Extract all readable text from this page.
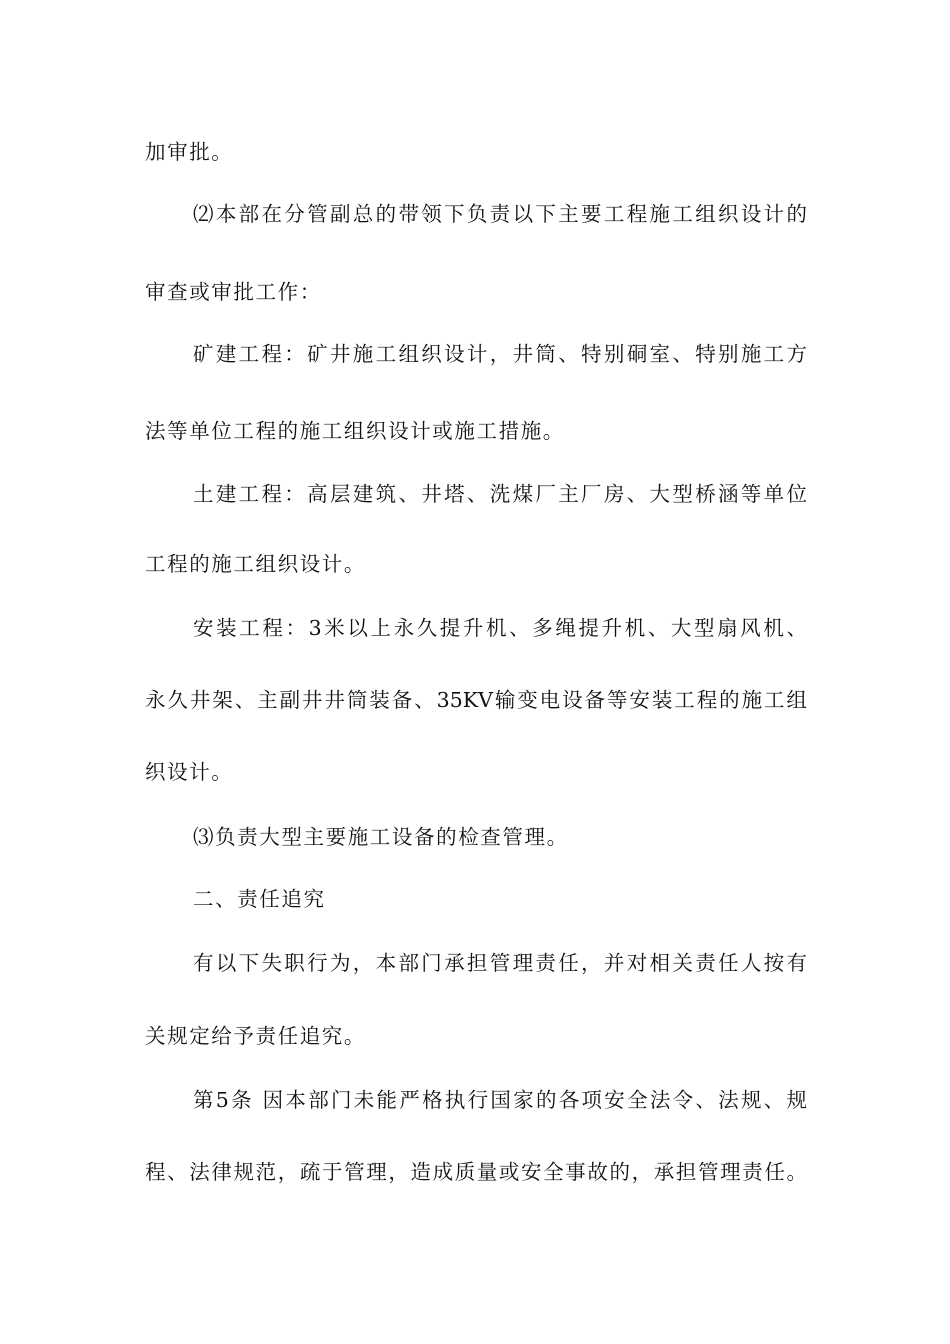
加审批。
⑵本部在分管副总的带领下负责以下主要工程施工组织设计的
审查或审批工作：
矿建工程：矿井施工组织设计，井筒、特别硐室、特别施工方
法等单位工程的施工组织设计或施工措施。
土建工程：高层建筑、井塔、洗煤厂主厂房、大型桥涵等单位
工程的施工组织设计。
安装工程：3米以上永久提升机、多绳提升机、大型扇风机、
永久井架、主副井井筒装备、35KV输变电设备等安装工程的施工组
织设计。
⑶负责大型主要施工设备的检查管理。
二、责任追究
有以下失职行为，本部门承担管理责任，并对相关责任人按有
关规定给予责任追究。
第5条 因本部门未能严格执行国家的各项安全法令、法规、规
程、法律规范，疏于管理，造成质量或安全事故的，承担管理责任。
